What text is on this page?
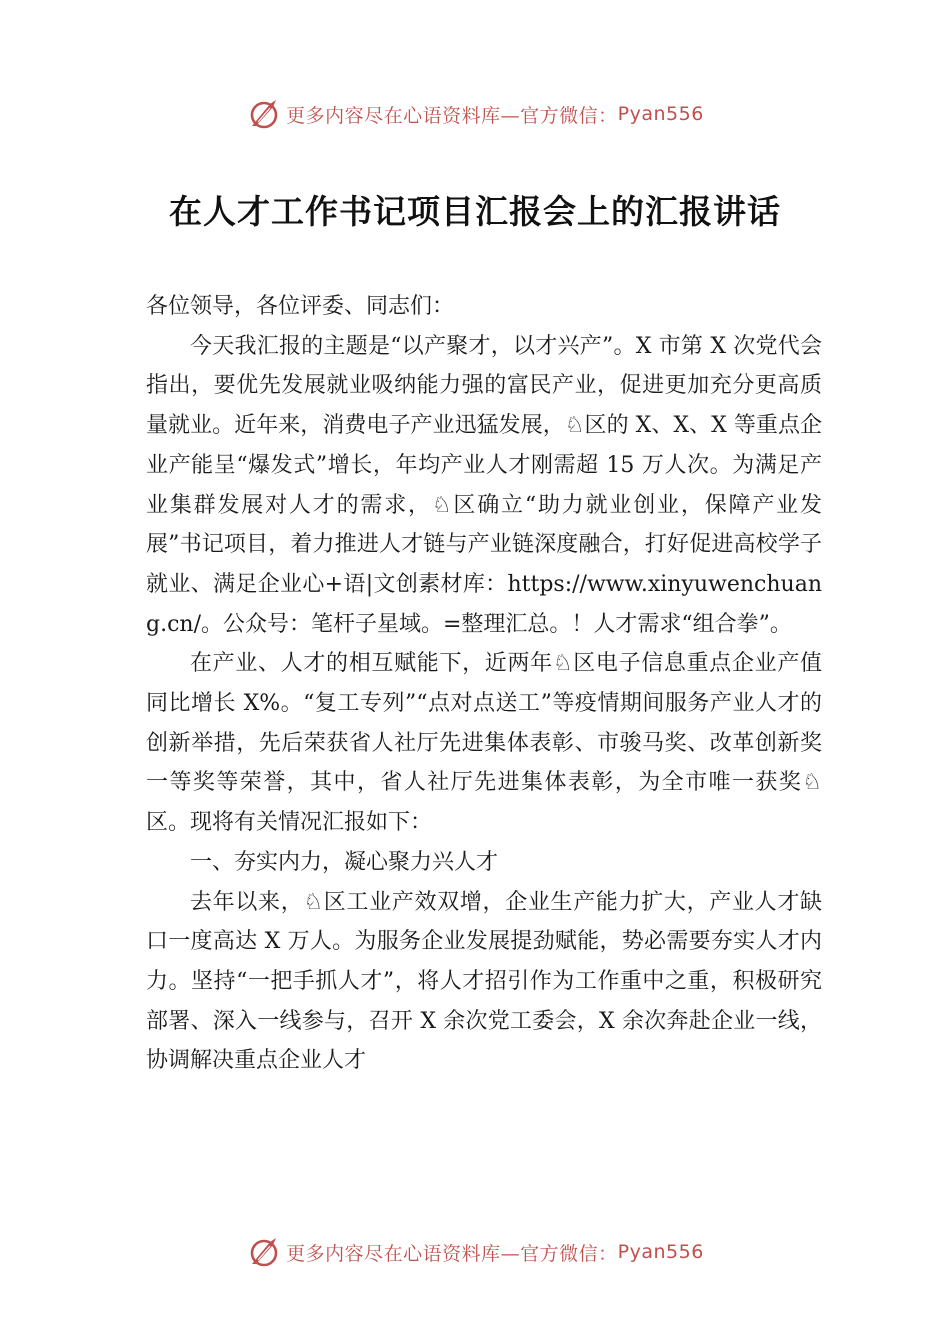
更多内容尽在心语资料库—官方微信： Pyan556
在人才工作书记项目汇报会上的汇报讲话

各位领导，各位评委、同志们：

今天我汇报的主题是“以产聚才，以才兴产”。X 市第 X 次党代会指出，要优先发展就业吸纳能力强的富民产业，促进更加充分更高质量就业。近年来，消费电子产业迅猛发展，♘区的 X、X、X 等重点企业产能呈“爆发式”增长，年均产业人才刚需超 15 万人次。为满足产业集群发展对人才的需求，♘区确立“助力就业创业，保障产业发展”书记项目，着力推进人才链与产业链深度融合，打好促进高校学子就业、满足企业心+语|文创素材库：https://www.xinyuwenchuang.cn/。公众号：笔杆子星域。=整理汇总。！人才需求“组合拳”。

在产业、人才的相互赋能下，近两年♘区电子信息重点企业产值同比增长 X%。“复工专列”“点对点送工”等疫情期间服务产业人才的创新举措，先后荣获省人社厅先进集体表彰、市骏马奖、改革创新奖一等奖等荣誉，其中，省人社厅先进集体表彰，为全市唯一获奖♘区。现将有关情况汇报如下：

一、夯实内力，凝心聚力兴人才

去年以来，♘区工业产效双增，企业生产能力扩大，产业人才缺口一度高达 X 万人。为服务企业发展提劲赋能，势必需要夯实人才内力。坚持“一把手抓人才”，将人才招引作为工作重中之重，积极研究部署、深入一线参与，召开 X 余次党工委会，X 余次奔赴企业一线，协调解决重点企业人才

更多内容尽在心语资料库—官方微信： Pyan556
